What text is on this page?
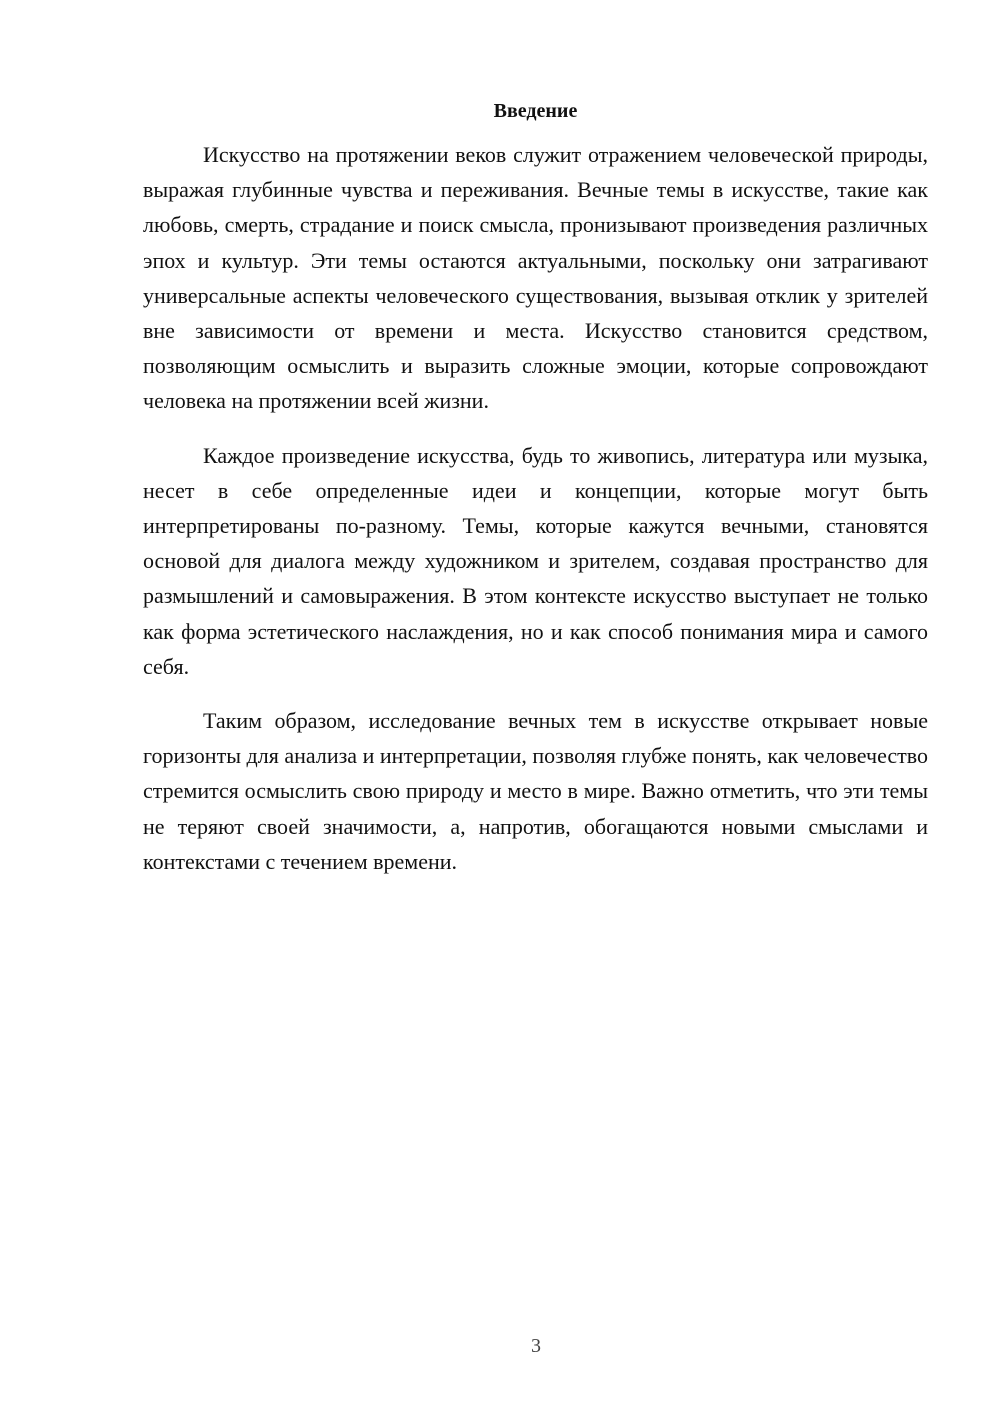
Введение

Искусство на протяжении веков служит отражением человеческой природы, выражая глубинные чувства и переживания. Вечные темы в искусстве, такие как любовь, смерть, страдание и поиск смысла, пронизывают произведения различных эпох и культур. Эти темы остаются актуальными, поскольку они затрагивают универсальные аспекты человеческого существования, вызывая отклик у зрителей вне зависимости от времени и места. Искусство становится средством, позволяющим осмыслить и выразить сложные эмоции, которые сопровождают человека на протяжении всей жизни.

Каждое произведение искусства, будь то живопись, литература или музыка, несет в себе определенные идеи и концепции, которые могут быть интерпретированы по-разному. Темы, которые кажутся вечными, становятся основой для диалога между художником и зрителем, создавая пространство для размышлений и самовыражения. В этом контексте искусство выступает не только как форма эстетического наслаждения, но и как способ понимания мира и самого себя.

Таким образом, исследование вечных тем в искусстве открывает новые горизонты для анализа и интерпретации, позволяя глубже понять, как человечество стремится осмыслить свою природу и место в мире. Важно отметить, что эти темы не теряют своей значимости, а, напротив, обогащаются новыми смыслами и контекстами с течением времени.

3
